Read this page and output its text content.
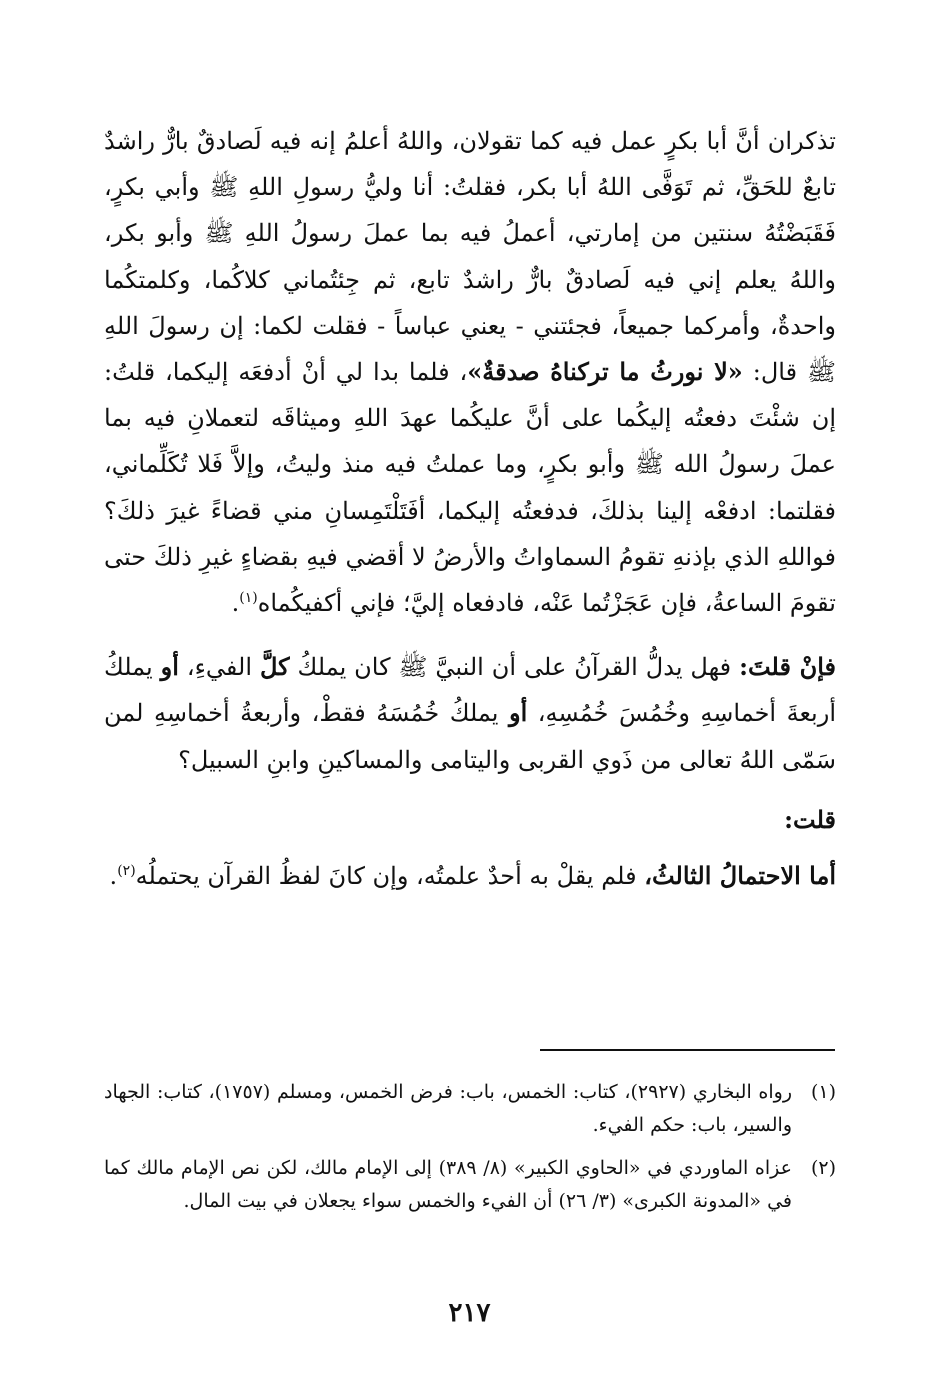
تذكران أنَّ أبا بكرٍ عمل فيه كما تقولان، واللهُ أعلمُ إنه فيه لَصادقٌ بارٌّ راشدٌ تابعٌ للحَقِّ، ثم تَوَفَّى اللهُ أبا بكر، فقلتُ: أنا وليُّ رسولِ اللهِ ﷺ وأبي بكرٍ، فَقَبَضْتُهُ سنتين من إمارتي، أعملُ فيه بما عملَ رسولُ اللهِ ﷺ وأبو بكر، واللهُ يعلم إني فيه لَصادقٌ بارٌّ راشدٌ تابع، ثم جِئتُماني كلاكُما، وكلمتكُما واحدةٌ، وأمركما جميعاً، فجئتني - يعني عباساً - فقلت لكما: إن رسولَ اللهِ ﷺ قال: «لا نورثُ ما تركناهُ صدقةٌ»، فلما بدا لي أنْ أدفعَه إليكما، قلتُ: إن شئْتَ دفعتُه إليكُما على أنَّ عليكُما عهدَ اللهِ وميثاقَه لتعملانِ فيه بما عملَ رسولُ الله ﷺ وأبو بكرٍ، وما عملتُ فيه منذ وليتُ، وإلاَّ فَلا تُكَلِّماني، فقلتما: ادفعْه إلينا بذلكَ، فدفعتُه إليكما، أفَتَلْتَمِسانِ مني قضاءً غيرَ ذلكَ؟ فواللهِ الذي بإذنهِ تقومُ السماواتُ والأرضُ لا أقضي فيهِ بقضاءٍ غيرِ ذلكَ حتى تقومَ الساعةُ، فإن عَجَزْتُما عَنْه، فادفعاه إليَّ؛ فإني أكفيكُماه$^{(١)}$.

فإنْ قلتَ: فهل يدلُّ القرآنُ على أن النبيَّ ﷺ كان يملكُ كلَّ الفيءِ، أو يملكُ أربعةَ أخماسِهِ وخُمُسَ خُمُسِهِ، أو يملكُ خُمُسَهُ فقطْ، وأربعةُ أخماسِهِ لمن سَمّى اللهُ تعالى من ذَوي القربى واليتامى والمساكينِ وابنِ السبيل؟

قلت:

أما الاحتمالُ الثالثُ، فلم يقلْ به أحدٌ علمتُه، وإن كانَ لفظُ القرآن يحتملُه$^{(٢)}$.

(١)
رواه البخاري (٢٩٢٧)، كتاب: الخمس، باب: فرض الخمس، ومسلم (١٧٥٧)، كتاب: الجهاد والسير، باب: حكم الفيء.
(٢)
عزاه الماوردي في «الحاوي الكبير» (٨/ ٣٨٩) إلى الإمام مالك، لكن نص الإمام مالك كما في «المدونة الكبرى» (٣/ ٢٦) أن الفيء والخمس سواء يجعلان في بيت المال.
٢١٧
